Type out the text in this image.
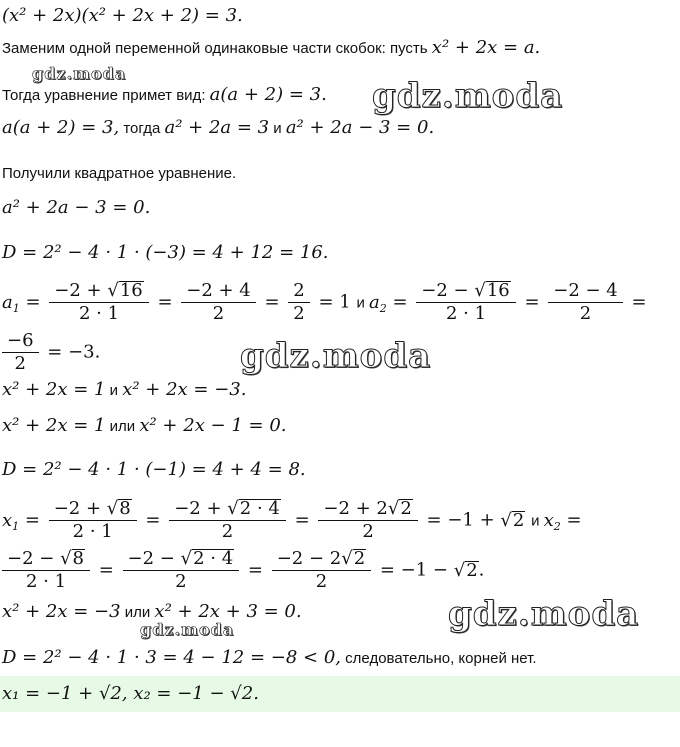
(x² + 2x)(x² + 2x + 2) = 3.
Заменим одной переменной одинаковые части скобок: пусть x² + 2x = a.
Тогда уравнение примет вид: a(a + 2) = 3.
a(a + 2) = 3, тогда a² + 2a = 3 и a² + 2a − 3 = 0.
Получили квадратное уравнение.
a² + 2a − 3 = 0.
D = 2² − 4 · 1 · (−3) = 4 + 12 = 16.
$a_1 = \frac{-2 + √16}{2 \cdot 1} = \frac{-2 + 4}{2} = \frac{2}{2} = 1$ и $a_2 = \frac{-2 - √16}{2 \cdot 1} = \frac{-2 - 4}{2}$ =
$\frac{-6}{2} = -3$.
x² + 2x = 1 и x² + 2x = −3.
x² + 2x = 1 или x² + 2x − 1 = 0.
D = 2² − 4 · 1 · (−1) = 4 + 4 = 8.
$x_1 = \frac{-2 + √8}{2 \cdot 1} = \frac{-2 + √2 \cdot 4}{2} = \frac{-2 + 2√2}{2} = -1 + √2$ и $x_2$ =
$\frac{-2 - √8}{2 \cdot 1} = \frac{-2 - √2 \cdot 4}{2} = \frac{-2 - 2√2}{2} = -1 - √2$.
x² + 2x = −3 или x² + 2x + 3 = 0.
D = 2² − 4 · 1 · 3 = 4 − 12 = −8 < 0, следовательно, корней нет.
x₁ = −1 + √2, x₂ = −1 − √2.
gdz.moda
gdz.moda
gdz.moda
gdz.moda
gdz.moda
